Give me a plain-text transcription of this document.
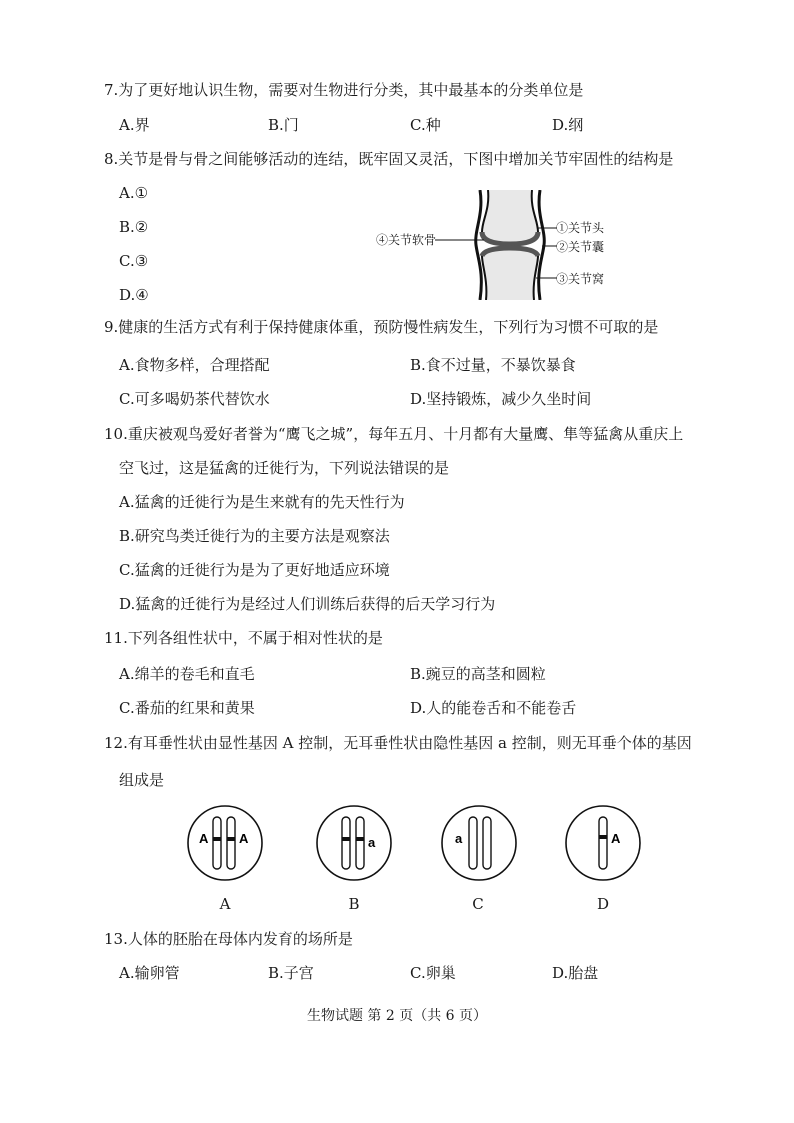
7.为了更好地认识生物，需要对生物进行分类，其中最基本的分类单位是
A.界	B.门	C.种	D.纲
8.关节是骨与骨之间能够活动的连结，既牢固又灵活，下图中增加关节牢固性的结构是
A.①
B.②
C.③
D.④
④关节软骨
①关节头
②关节囊
③关节窝
9.健康的生活方式有利于保持健康体重，预防慢性病发生，下列行为习惯不可取的是
A.食物多样，合理搭配	B.食不过量，不暴饮暴食
C.可多喝奶茶代替饮水	D.坚持锻炼，减少久坐时间
10.重庆被观鸟爱好者誉为“鹰飞之城”，每年五月、十月都有大量鹰、隼等猛禽从重庆上
空飞过，这是猛禽的迁徙行为，下列说法错误的是
A.猛禽的迁徙行为是生来就有的先天性行为
B.研究鸟类迁徙行为的主要方法是观察法
C.猛禽的迁徙行为是为了更好地适应环境
D.猛禽的迁徙行为是经过人们训练后获得的后天学习行为
11.下列各组性状中，不属于相对性状的是
A.绵羊的卷毛和直毛	B.豌豆的高茎和圆粒
C.番茄的红果和黄果	D.人的能卷舌和不能卷舌
12.有耳垂性状由显性基因 A 控制，无耳垂性状由隐性基因 a 控制，则无耳垂个体的基因
组成是
A A
A
a
B
a
C
A
D
13.人体的胚胎在母体内发育的场所是
A.输卵管	B.子宫	C.卵巢	D.胎盘
生物试题 第 2 页（共 6 页）
